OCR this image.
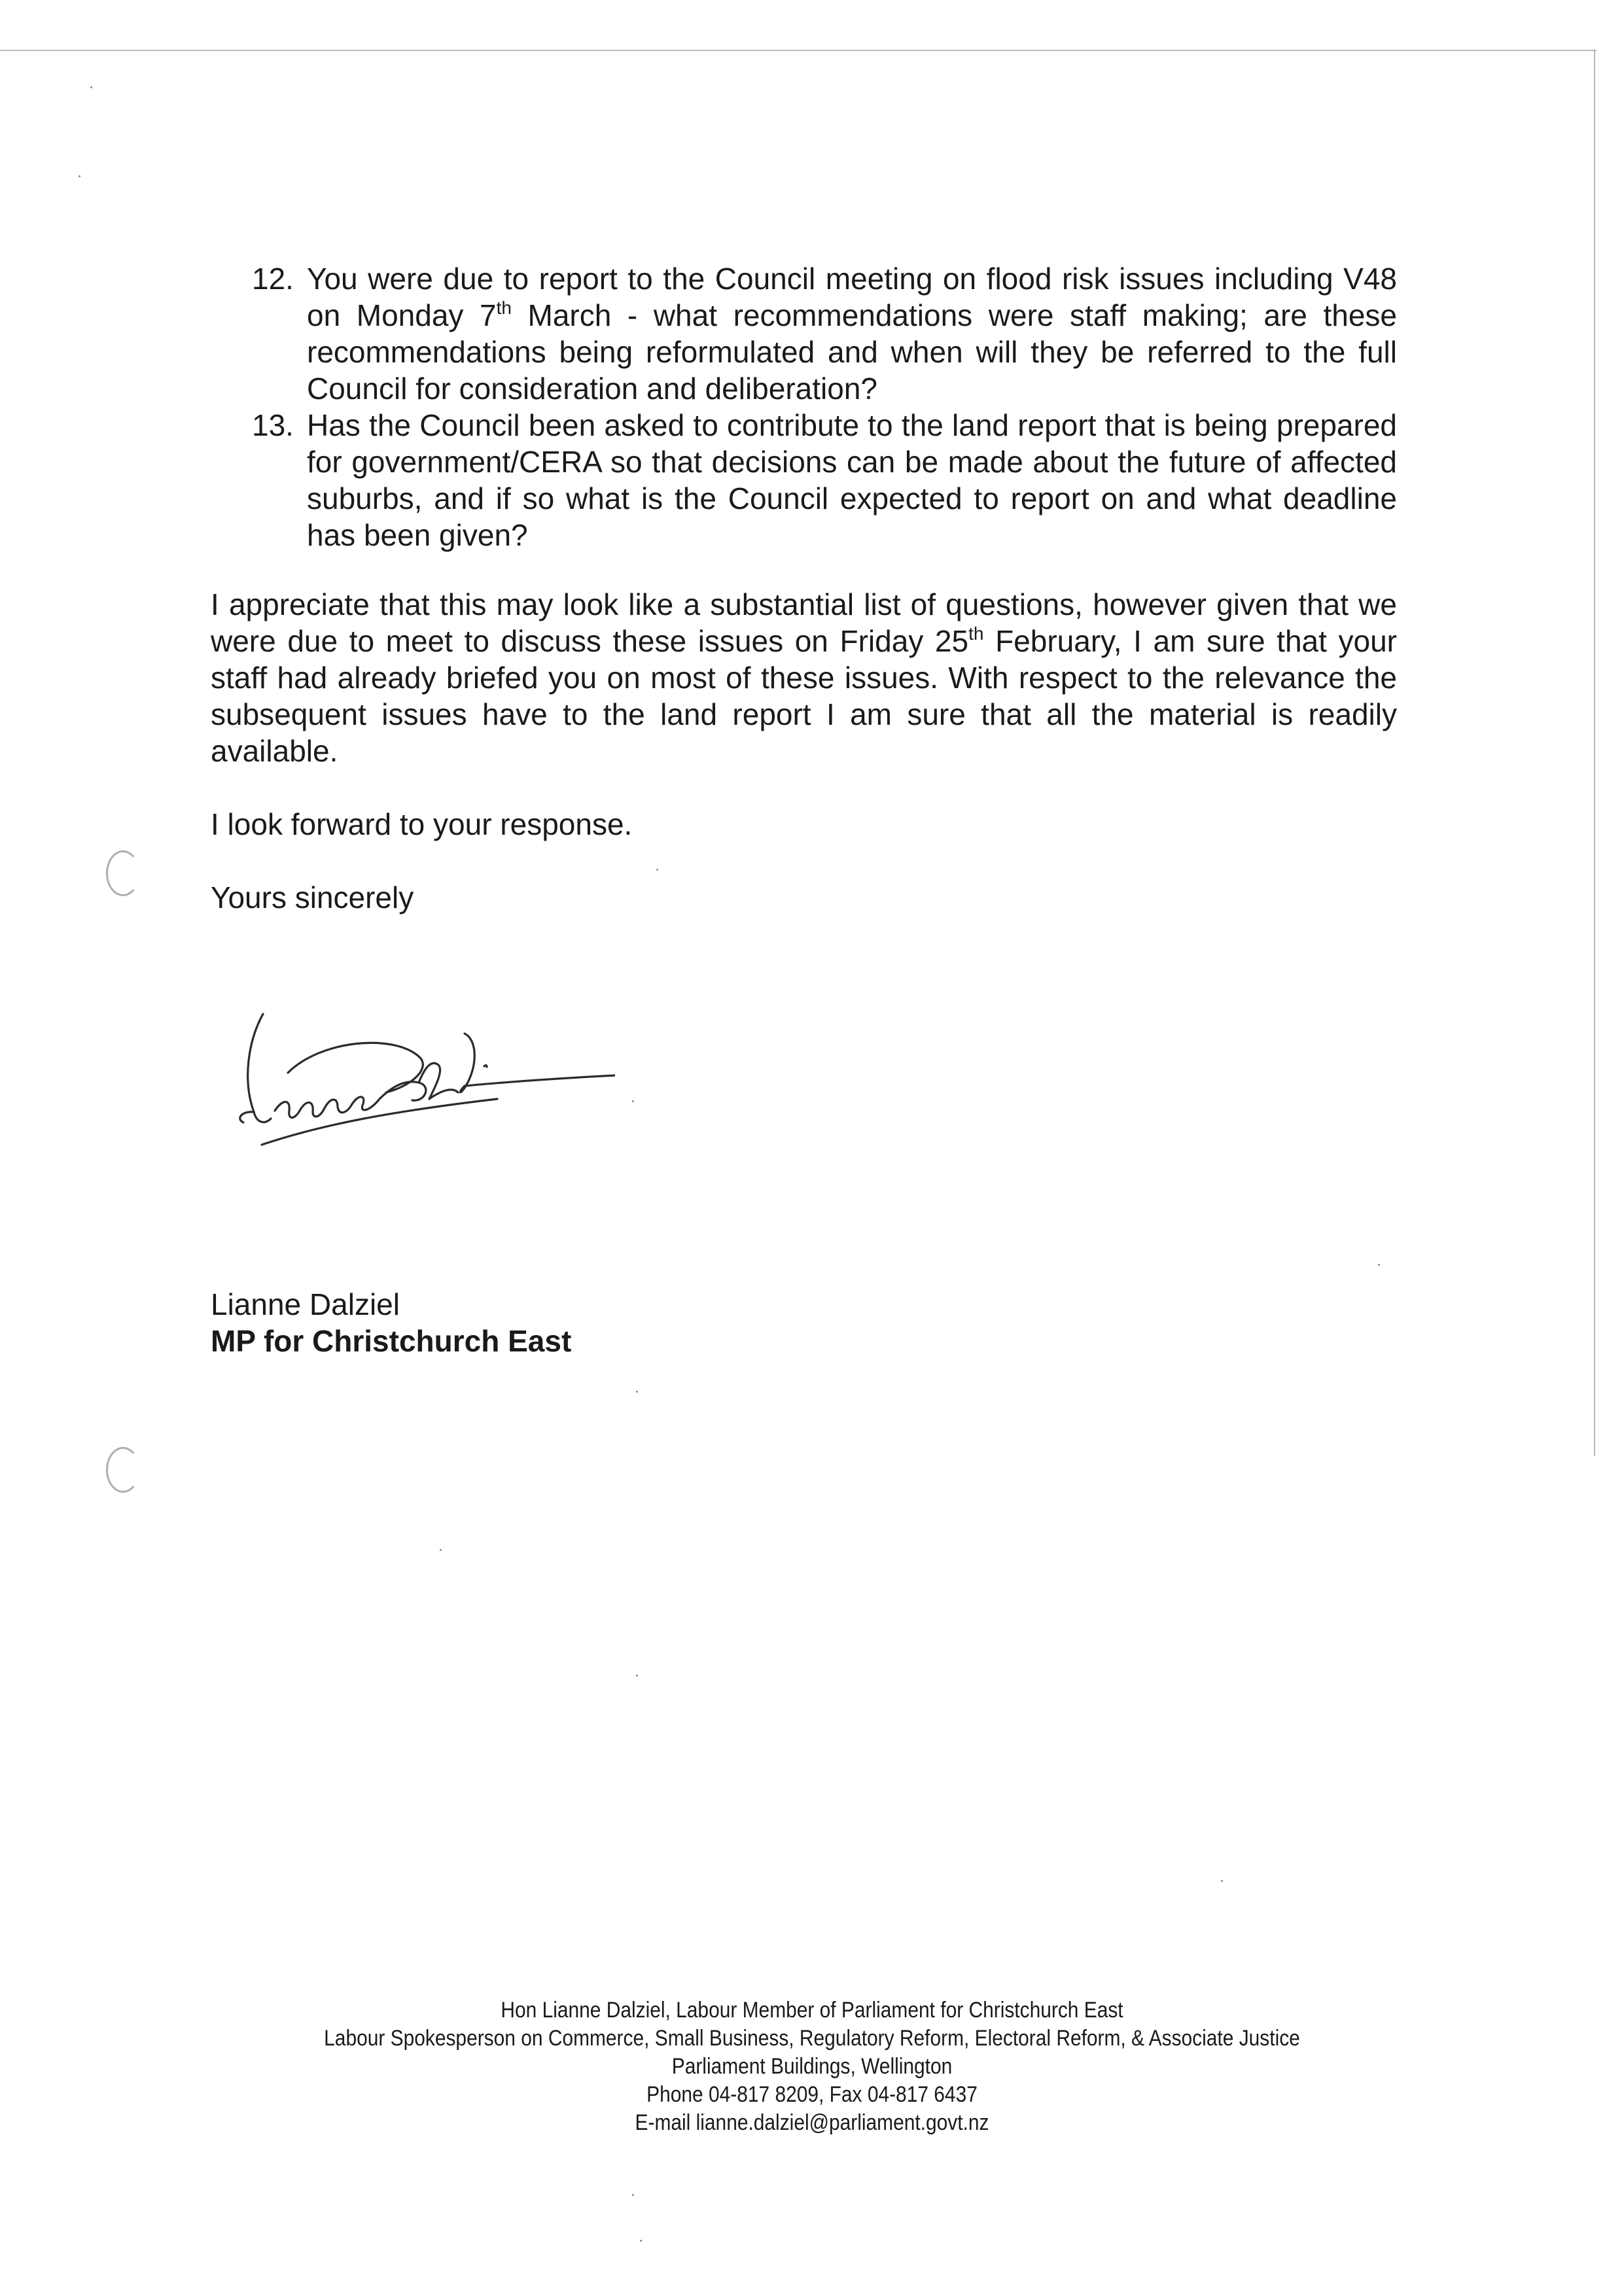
12. You were due to report to the Council meeting on flood risk issues including V48 on Monday 7th March - what recommendations were staff making; are these recommendations being reformulated and when will they be referred to the full Council for consideration and deliberation?
13. Has the Council been asked to contribute to the land report that is being prepared for government/CERA so that decisions can be made about the future of affected suburbs, and if so what is the Council expected to report on and what deadline has been given?

I appreciate that this may look like a substantial list of questions, however given that we were due to meet to discuss these issues on Friday 25th February, I am sure that your staff had already briefed you on most of these issues. With respect to the relevance the subsequent issues have to the land report I am sure that all the material is readily available.

I look forward to your response.

Yours sincerely

Lianne Dalziel
MP for Christchurch East
Hon Lianne Dalziel, Labour Member of Parliament for Christchurch East
Labour Spokesperson on Commerce, Small Business, Regulatory Reform, Electoral Reform, & Associate Justice
Parliament Buildings, Wellington
Phone 04-817 8209, Fax 04-817 6437
E-mail lianne.dalziel@parliament.govt.nz
